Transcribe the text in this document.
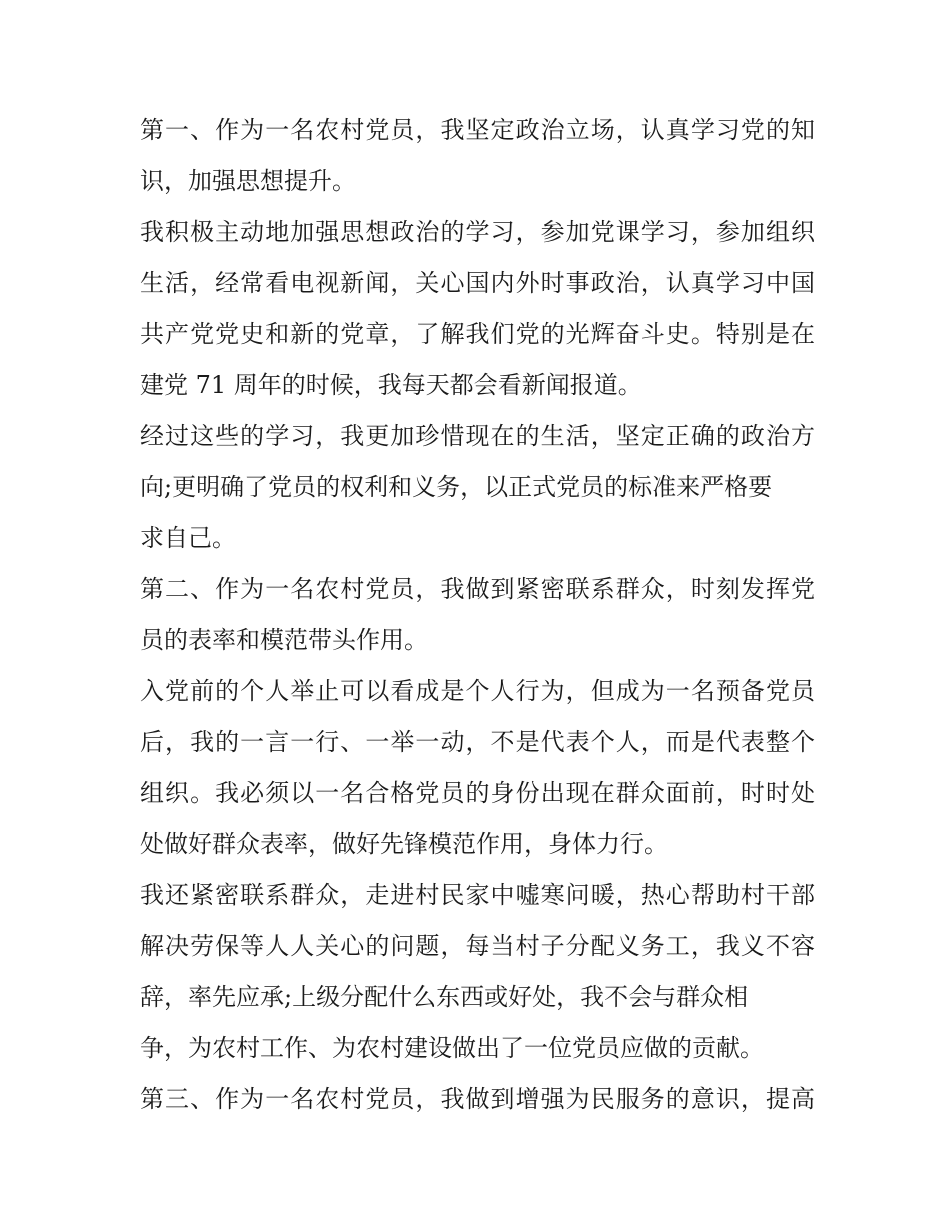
第一、作为一名农村党员，我坚定政治立场，认真学习党的知
识，加强思想提升。
我积极主动地加强思想政治的学习，参加党课学习，参加组织
生活，经常看电视新闻，关心国内外时事政治，认真学习中国
共产党党史和新的党章，了解我们党的光辉奋斗史。特别是在
建党 71 周年的时候，我每天都会看新闻报道。
经过这些的学习，我更加珍惜现在的生活，坚定正确的政治方
向;更明确了党员的权利和义务，以正式党员的标准来严格要
求自己。
第二、作为一名农村党员，我做到紧密联系群众，时刻发挥党
员的表率和模范带头作用。
入党前的个人举止可以看成是个人行为，但成为一名预备党员
后，我的一言一行、一举一动，不是代表个人，而是代表整个
组织。我必须以一名合格党员的身份出现在群众面前，时时处
处做好群众表率，做好先锋模范作用，身体力行。
我还紧密联系群众，走进村民家中嘘寒问暖，热心帮助村干部
解决劳保等人人关心的问题，每当村子分配义务工，我义不容
辞，率先应承;上级分配什么东西或好处，我不会与群众相
争，为农村工作、为农村建设做出了一位党员应做的贡献。
第三、作为一名农村党员，我做到增强为民服务的意识，提高
